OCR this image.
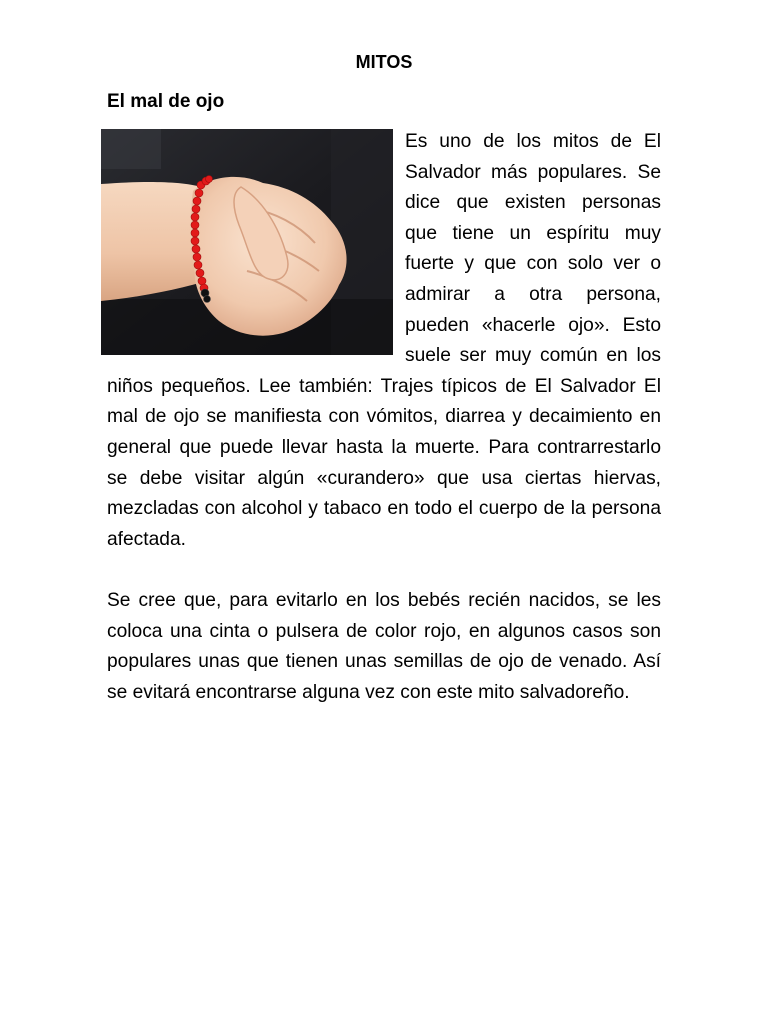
MITOS
El mal de ojo

Es uno de los mitos de El Salvador más populares. Se dice que existen personas que tiene un espíritu muy fuerte y que con solo ver o admirar a otra persona, pueden «hacerle ojo». Esto suele ser muy común en los niños pequeños. Lee también: Trajes típicos de El Salvador El mal de ojo se manifiesta con vómitos, diarrea y decaimiento en general que puede llevar hasta la muerte. Para contrarrestarlo se debe visitar algún «curandero» que usa ciertas hiervas, mezcladas con alcohol y tabaco en todo el cuerpo de la persona afectada.

Se cree que, para evitarlo en los bebés recién nacidos, se les coloca una cinta o pulsera de color rojo, en algunos casos son populares unas que tienen unas semillas de ojo de venado. Así se evitará encontrarse alguna vez con este mito salvadoreño.
